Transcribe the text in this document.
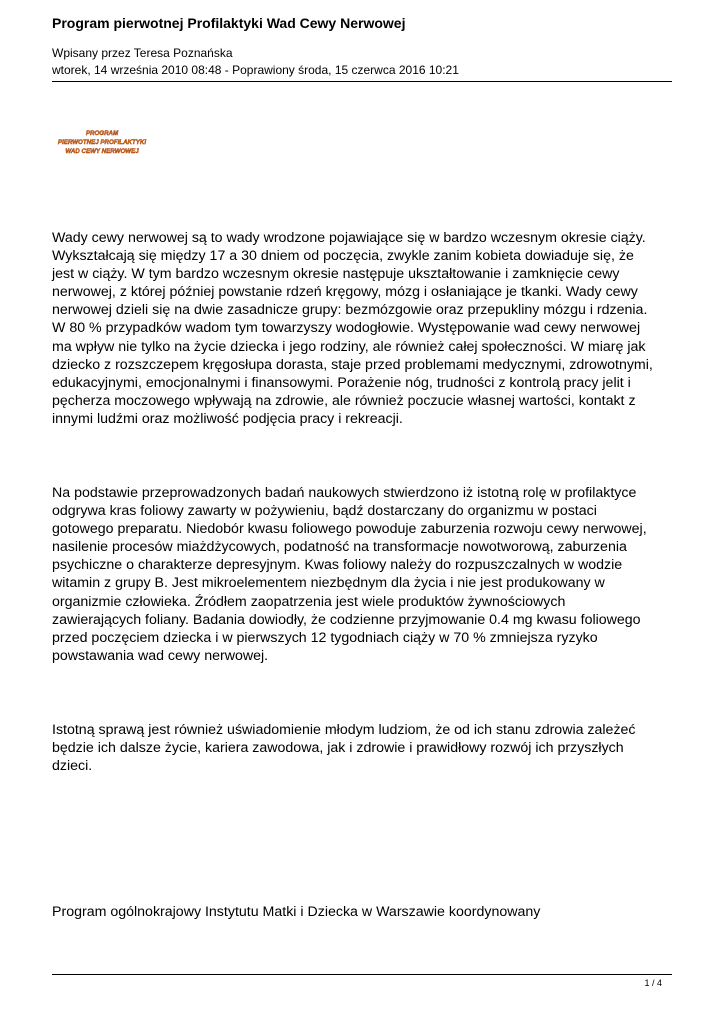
Program pierwotnej Profilaktyki Wad Cewy Nerwowej
Wpisany przez Teresa Poznańska
wtorek, 14 września 2010 08:48 - Poprawiony środa, 15 czerwca 2016 10:21
PROGRAM
PIERWOTNEJ PROFILAKTYKI
WAD CEWY NERWOWEJ
Wady cewy nerwowej są to wady wrodzone pojawiające się w bardzo wczesnym okresie ciąży.
Wykształcają się między 17 a 30 dniem od poczęcia, zwykle zanim kobieta dowiaduje się, że
jest w ciąży. W tym bardzo wczesnym okresie następuje ukształtowanie i zamknięcie cewy
nerwowej, z której później powstanie rdzeń kręgowy, mózg i osłaniające je tkanki. Wady cewy
nerwowej dzieli się na dwie zasadnicze grupy: bezmózgowie oraz przepukliny mózgu i rdzenia.
W 80 % przypadków wadom tym towarzyszy wodogłowie. Występowanie wad cewy nerwowej
ma wpływ nie tylko na życie dziecka i jego rodziny, ale również całej społeczności. W miarę jak
dziecko z rozszczepem kręgosłupa dorasta, staje przed problemami medycznymi, zdrowotnymi,
edukacyjnymi, emocjonalnymi i finansowymi. Porażenie nóg, trudności z kontrolą pracy jelit i
pęcherza moczowego wpływają na zdrowie, ale również poczucie własnej wartości, kontakt z innymi ludźmi oraz możliwość podjęcia pracy i rekreacji.
Na podstawie przeprowadzonych badań naukowych stwierdzono iż istotną rolę w profilaktyce
odgrywa kras foliowy zawarty w pożywieniu, bądź dostarczany do organizmu w postaci
gotowego preparatu. Niedobór kwasu foliowego powoduje zaburzenia rozwoju cewy nerwowej,
nasilenie procesów miażdżycowych, podatność na transformacje nowotworową, zaburzenia
psychiczne o charakterze depresyjnym. Kwas foliowy należy do rozpuszczalnych w wodzie
witamin z grupy B. Jest mikroelementem niezbędnym dla życia i nie jest produkowany w
organizmie człowieka. Źródłem zaopatrzenia jest wiele produktów żywnościowych
zawierających foliany. Badania dowiodły, że codzienne przyjmowanie 0.4 mg kwasu foliowego
przed poczęciem dziecka i w pierwszych 12 tygodniach ciąży w 70 % zmniejsza ryzyko
powstawania wad cewy nerwowej.
Istotną sprawą jest również uświadomienie młodym ludziom, że od ich stanu zdrowia zależeć
będzie ich dalsze życie, kariera zawodowa, jak i zdrowie i prawidłowy rozwój ich przyszłych
dzieci.
Program ogólnokrajowy Instytutu Matki i Dziecka w Warszawie koordynowany
1 / 4
